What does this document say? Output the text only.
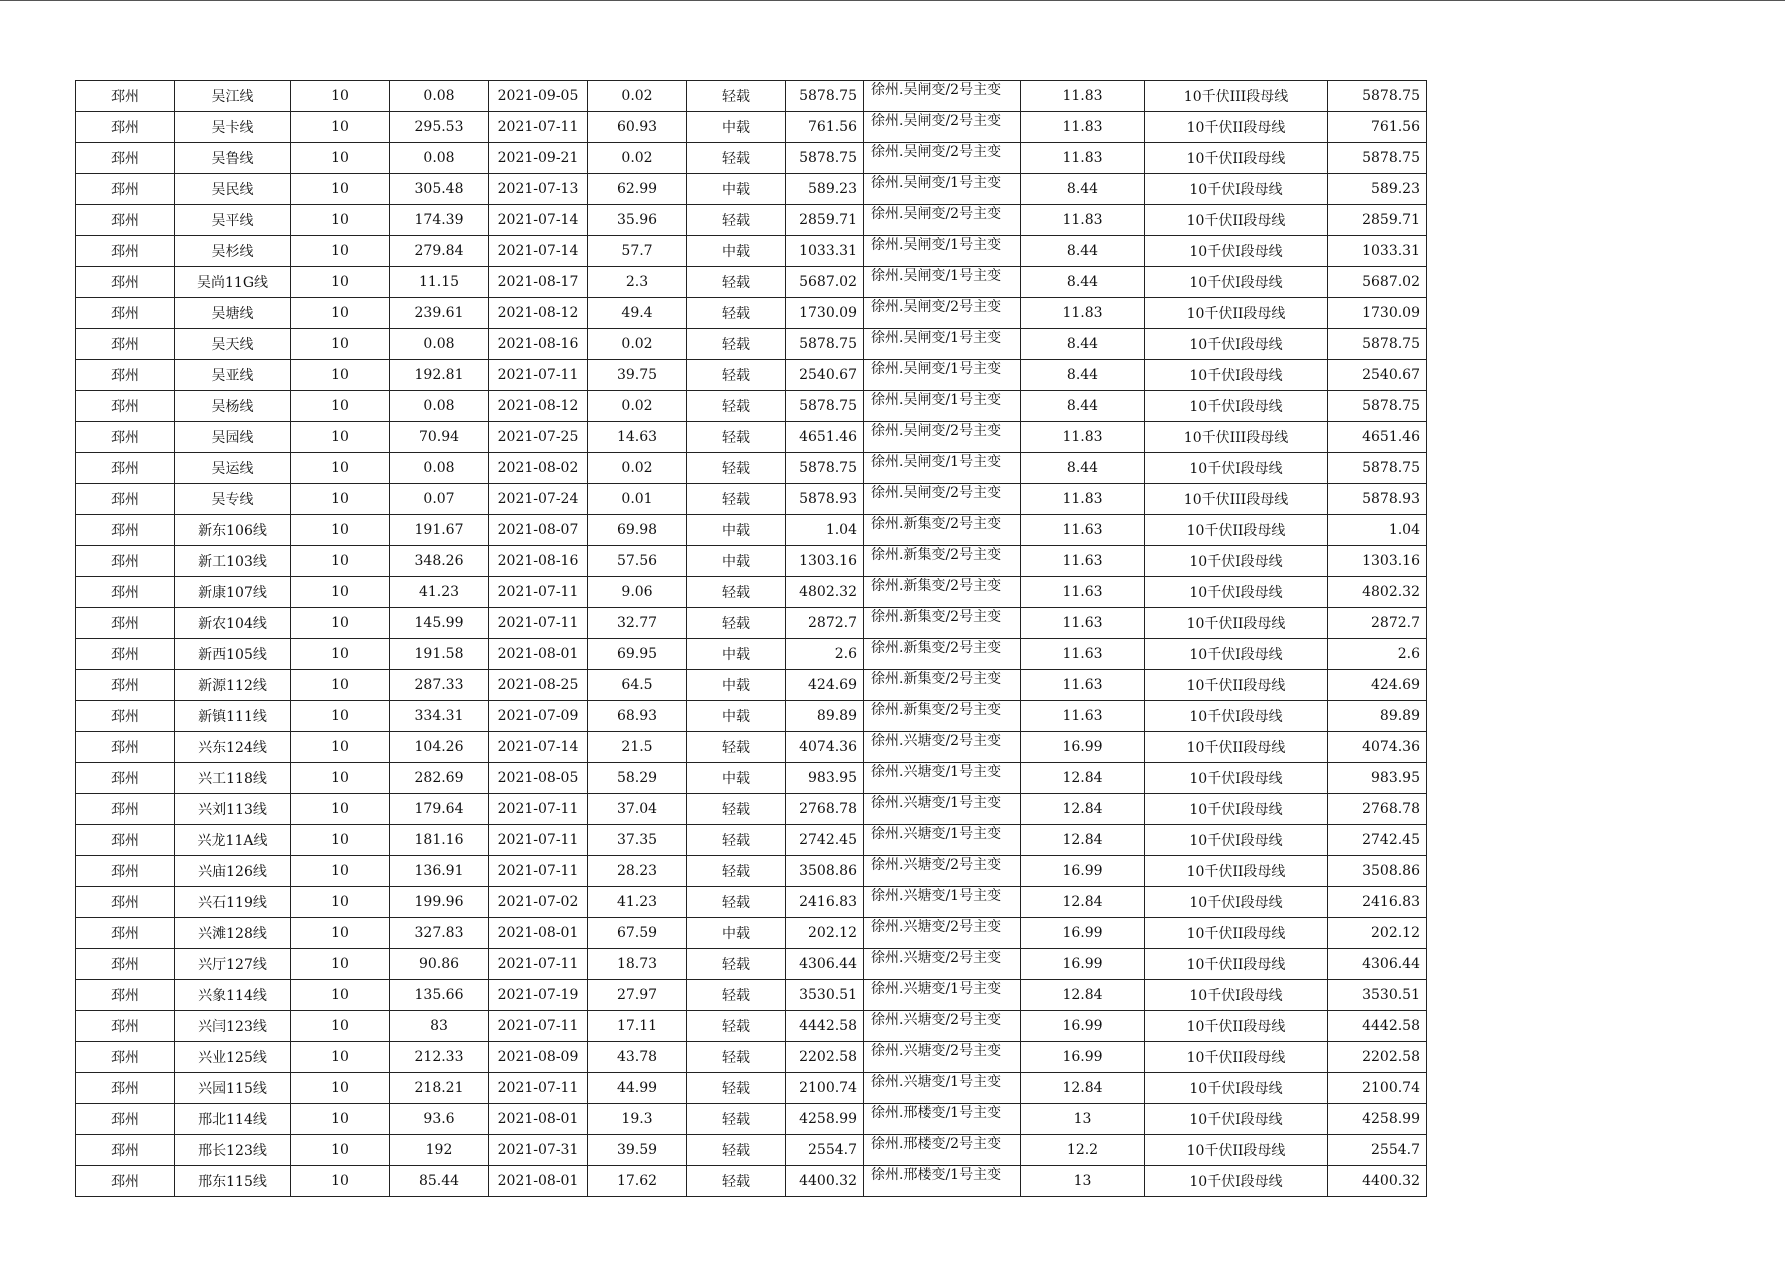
邳州	吴江线	10	0.08	2021-09-05	0.02	轻载	5878.75	徐州.吴闸变/2号主变	11.83	10千伏III段母线	5878.75
邳州	吴卡线	10	295.53	2021-07-11	60.93	中载	761.56	徐州.吴闸变/2号主变	11.83	10千伏II段母线	761.56
邳州	吴鲁线	10	0.08	2021-09-21	0.02	轻载	5878.75	徐州.吴闸变/2号主变	11.83	10千伏II段母线	5878.75
邳州	吴民线	10	305.48	2021-07-13	62.99	中载	589.23	徐州.吴闸变/1号主变	8.44	10千伏I段母线	589.23
邳州	吴平线	10	174.39	2021-07-14	35.96	轻载	2859.71	徐州.吴闸变/2号主变	11.83	10千伏II段母线	2859.71
邳州	吴杉线	10	279.84	2021-07-14	57.7	中载	1033.31	徐州.吴闸变/1号主变	8.44	10千伏I段母线	1033.31
邳州	吴尚11G线	10	11.15	2021-08-17	2.3	轻载	5687.02	徐州.吴闸变/1号主变	8.44	10千伏I段母线	5687.02
邳州	吴塘线	10	239.61	2021-08-12	49.4	轻载	1730.09	徐州.吴闸变/2号主变	11.83	10千伏II段母线	1730.09
邳州	吴天线	10	0.08	2021-08-16	0.02	轻载	5878.75	徐州.吴闸变/1号主变	8.44	10千伏I段母线	5878.75
邳州	吴亚线	10	192.81	2021-07-11	39.75	轻载	2540.67	徐州.吴闸变/1号主变	8.44	10千伏I段母线	2540.67
邳州	吴杨线	10	0.08	2021-08-12	0.02	轻载	5878.75	徐州.吴闸变/1号主变	8.44	10千伏I段母线	5878.75
邳州	吴园线	10	70.94	2021-07-25	14.63	轻载	4651.46	徐州.吴闸变/2号主变	11.83	10千伏III段母线	4651.46
邳州	吴运线	10	0.08	2021-08-02	0.02	轻载	5878.75	徐州.吴闸变/1号主变	8.44	10千伏I段母线	5878.75
邳州	吴专线	10	0.07	2021-07-24	0.01	轻载	5878.93	徐州.吴闸变/2号主变	11.83	10千伏III段母线	5878.93
邳州	新东106线	10	191.67	2021-08-07	69.98	中载	1.04	徐州.新集变/2号主变	11.63	10千伏II段母线	1.04
邳州	新工103线	10	348.26	2021-08-16	57.56	中载	1303.16	徐州.新集变/2号主变	11.63	10千伏I段母线	1303.16
邳州	新康107线	10	41.23	2021-07-11	9.06	轻载	4802.32	徐州.新集变/2号主变	11.63	10千伏I段母线	4802.32
邳州	新农104线	10	145.99	2021-07-11	32.77	轻载	2872.7	徐州.新集变/2号主变	11.63	10千伏II段母线	2872.7
邳州	新西105线	10	191.58	2021-08-01	69.95	中载	2.6	徐州.新集变/2号主变	11.63	10千伏I段母线	2.6
邳州	新源112线	10	287.33	2021-08-25	64.5	中载	424.69	徐州.新集变/2号主变	11.63	10千伏II段母线	424.69
邳州	新镇111线	10	334.31	2021-07-09	68.93	中载	89.89	徐州.新集变/2号主变	11.63	10千伏I段母线	89.89
邳州	兴东124线	10	104.26	2021-07-14	21.5	轻载	4074.36	徐州.兴塘变/2号主变	16.99	10千伏II段母线	4074.36
邳州	兴工118线	10	282.69	2021-08-05	58.29	中载	983.95	徐州.兴塘变/1号主变	12.84	10千伏I段母线	983.95
邳州	兴刘113线	10	179.64	2021-07-11	37.04	轻载	2768.78	徐州.兴塘变/1号主变	12.84	10千伏I段母线	2768.78
邳州	兴龙11A线	10	181.16	2021-07-11	37.35	轻载	2742.45	徐州.兴塘变/1号主变	12.84	10千伏I段母线	2742.45
邳州	兴庙126线	10	136.91	2021-07-11	28.23	轻载	3508.86	徐州.兴塘变/2号主变	16.99	10千伏II段母线	3508.86
邳州	兴石119线	10	199.96	2021-07-02	41.23	轻载	2416.83	徐州.兴塘变/1号主变	12.84	10千伏I段母线	2416.83
邳州	兴滩128线	10	327.83	2021-08-01	67.59	中载	202.12	徐州.兴塘变/2号主变	16.99	10千伏II段母线	202.12
邳州	兴厅127线	10	90.86	2021-07-11	18.73	轻载	4306.44	徐州.兴塘变/2号主变	16.99	10千伏II段母线	4306.44
邳州	兴象114线	10	135.66	2021-07-19	27.97	轻载	3530.51	徐州.兴塘变/1号主变	12.84	10千伏I段母线	3530.51
邳州	兴闫123线	10	83	2021-07-11	17.11	轻载	4442.58	徐州.兴塘变/2号主变	16.99	10千伏II段母线	4442.58
邳州	兴业125线	10	212.33	2021-08-09	43.78	轻载	2202.58	徐州.兴塘变/2号主变	16.99	10千伏II段母线	2202.58
邳州	兴园115线	10	218.21	2021-07-11	44.99	轻载	2100.74	徐州.兴塘变/1号主变	12.84	10千伏I段母线	2100.74
邳州	邢北114线	10	93.6	2021-08-01	19.3	轻载	4258.99	徐州.邢楼变/1号主变	13	10千伏I段母线	4258.99
邳州	邢长123线	10	192	2021-07-31	39.59	轻载	2554.7	徐州.邢楼变/2号主变	12.2	10千伏II段母线	2554.7
邳州	邢东115线	10	85.44	2021-08-01	17.62	轻载	4400.32	徐州.邢楼变/1号主变	13	10千伏I段母线	4400.32
